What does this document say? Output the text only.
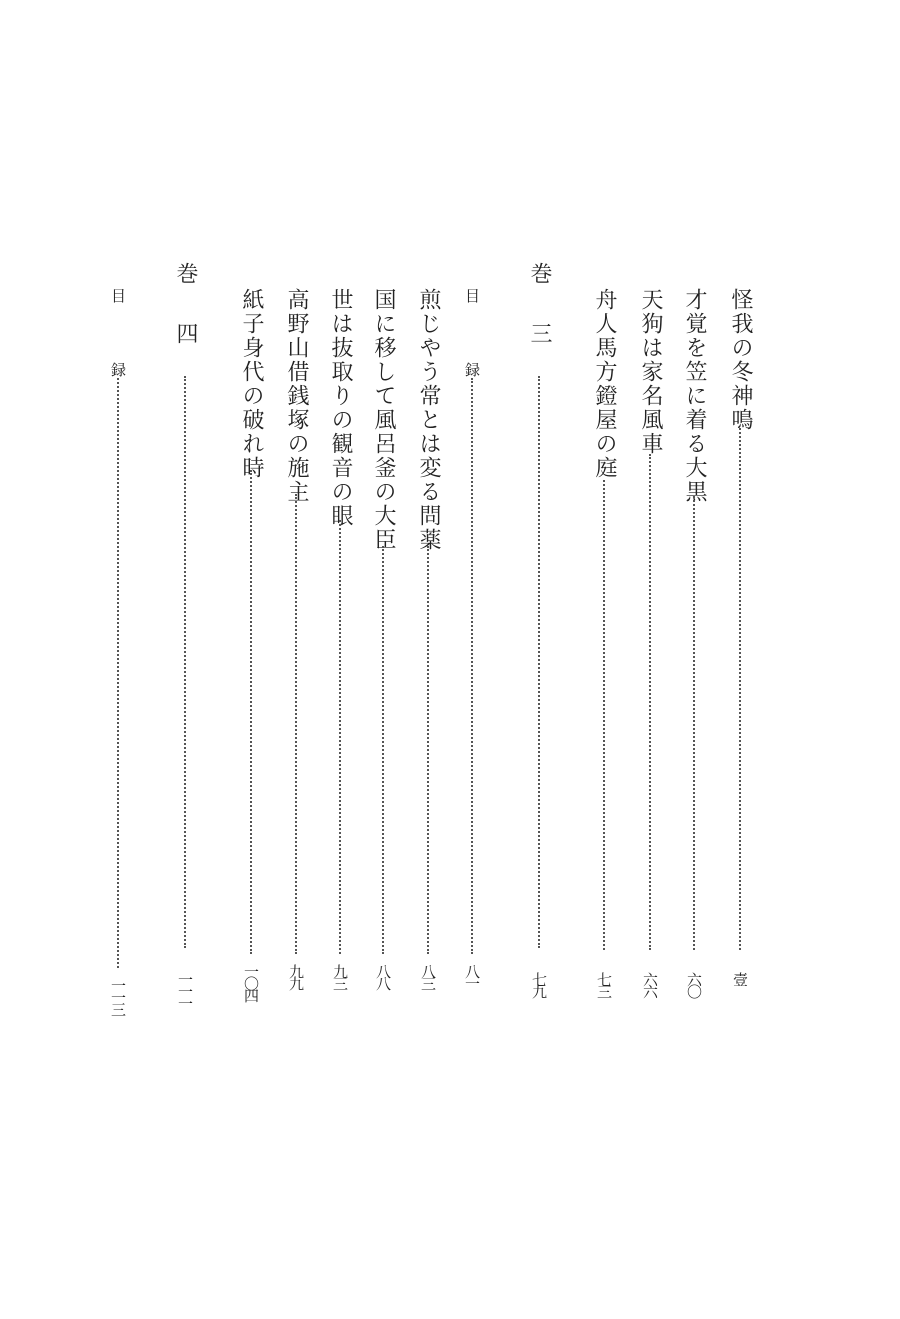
怪我の冬神鳴
壹
才覚を笠に着る大黒
六〇
天狗は家名風車
六六
舟人馬方鐙屋の庭
七三
巻　三
七九
目　録
八一
煎じやう常とは変る問薬
八三
国に移して風呂釜の大臣
八八
世は抜取りの観音の眼
九三
高野山借銭塚の施主
九九
紙子身代の破れ時
一〇四
巻　四
一一一
目　録
一一三
